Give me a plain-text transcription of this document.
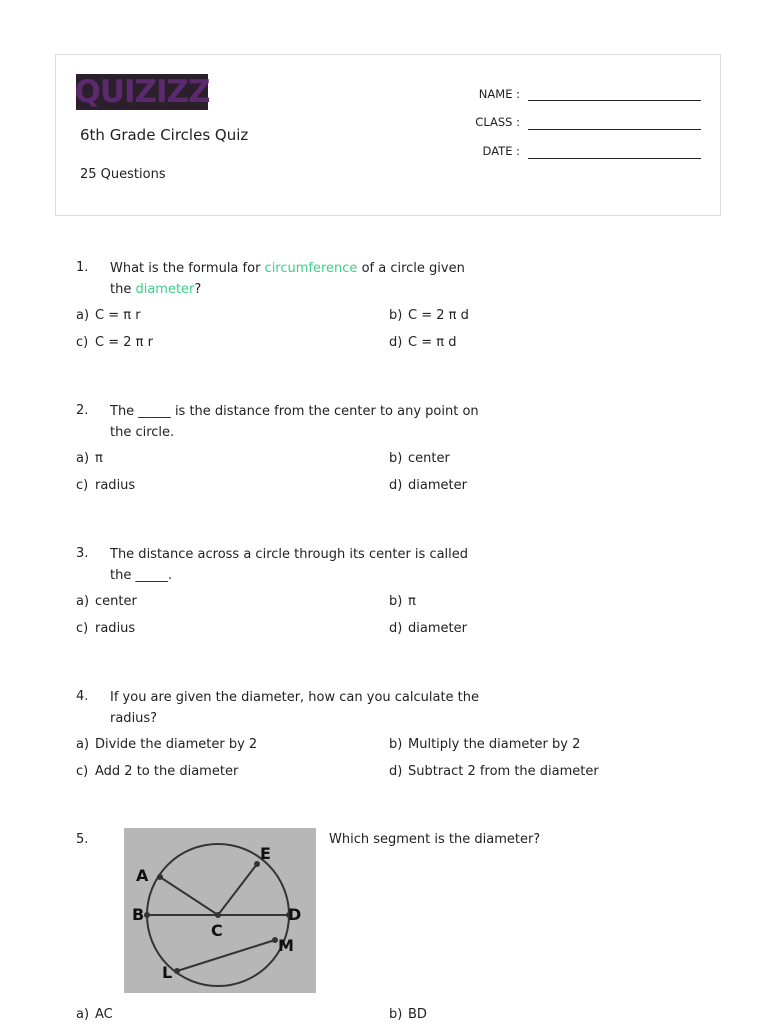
QUIZIZZ
6th Grade Circles Quiz
25 Questions
NAME :
CLASS :
DATE :
1. What is the formula for circumference of a circle given the diameter?
a) C = π r	b) C = 2 π d
c) C = 2 π r	d) C = π d
2. The _____ is the distance from the center to any point on the circle.
a) π	b) center
c) radius	d) diameter
3. The distance across a circle through its center is called the _____.
a) center	b) π
c) radius	d) diameter
4. If you are given the diameter, how can you calculate the radius?
a) Divide the diameter by 2	b) Multiply the diameter by 2
c) Add 2 to the diameter	d) Subtract 2 from the diameter
5.
A
B
C
D
E
L
M
Which segment is the diameter?
a) AC	b) BD
